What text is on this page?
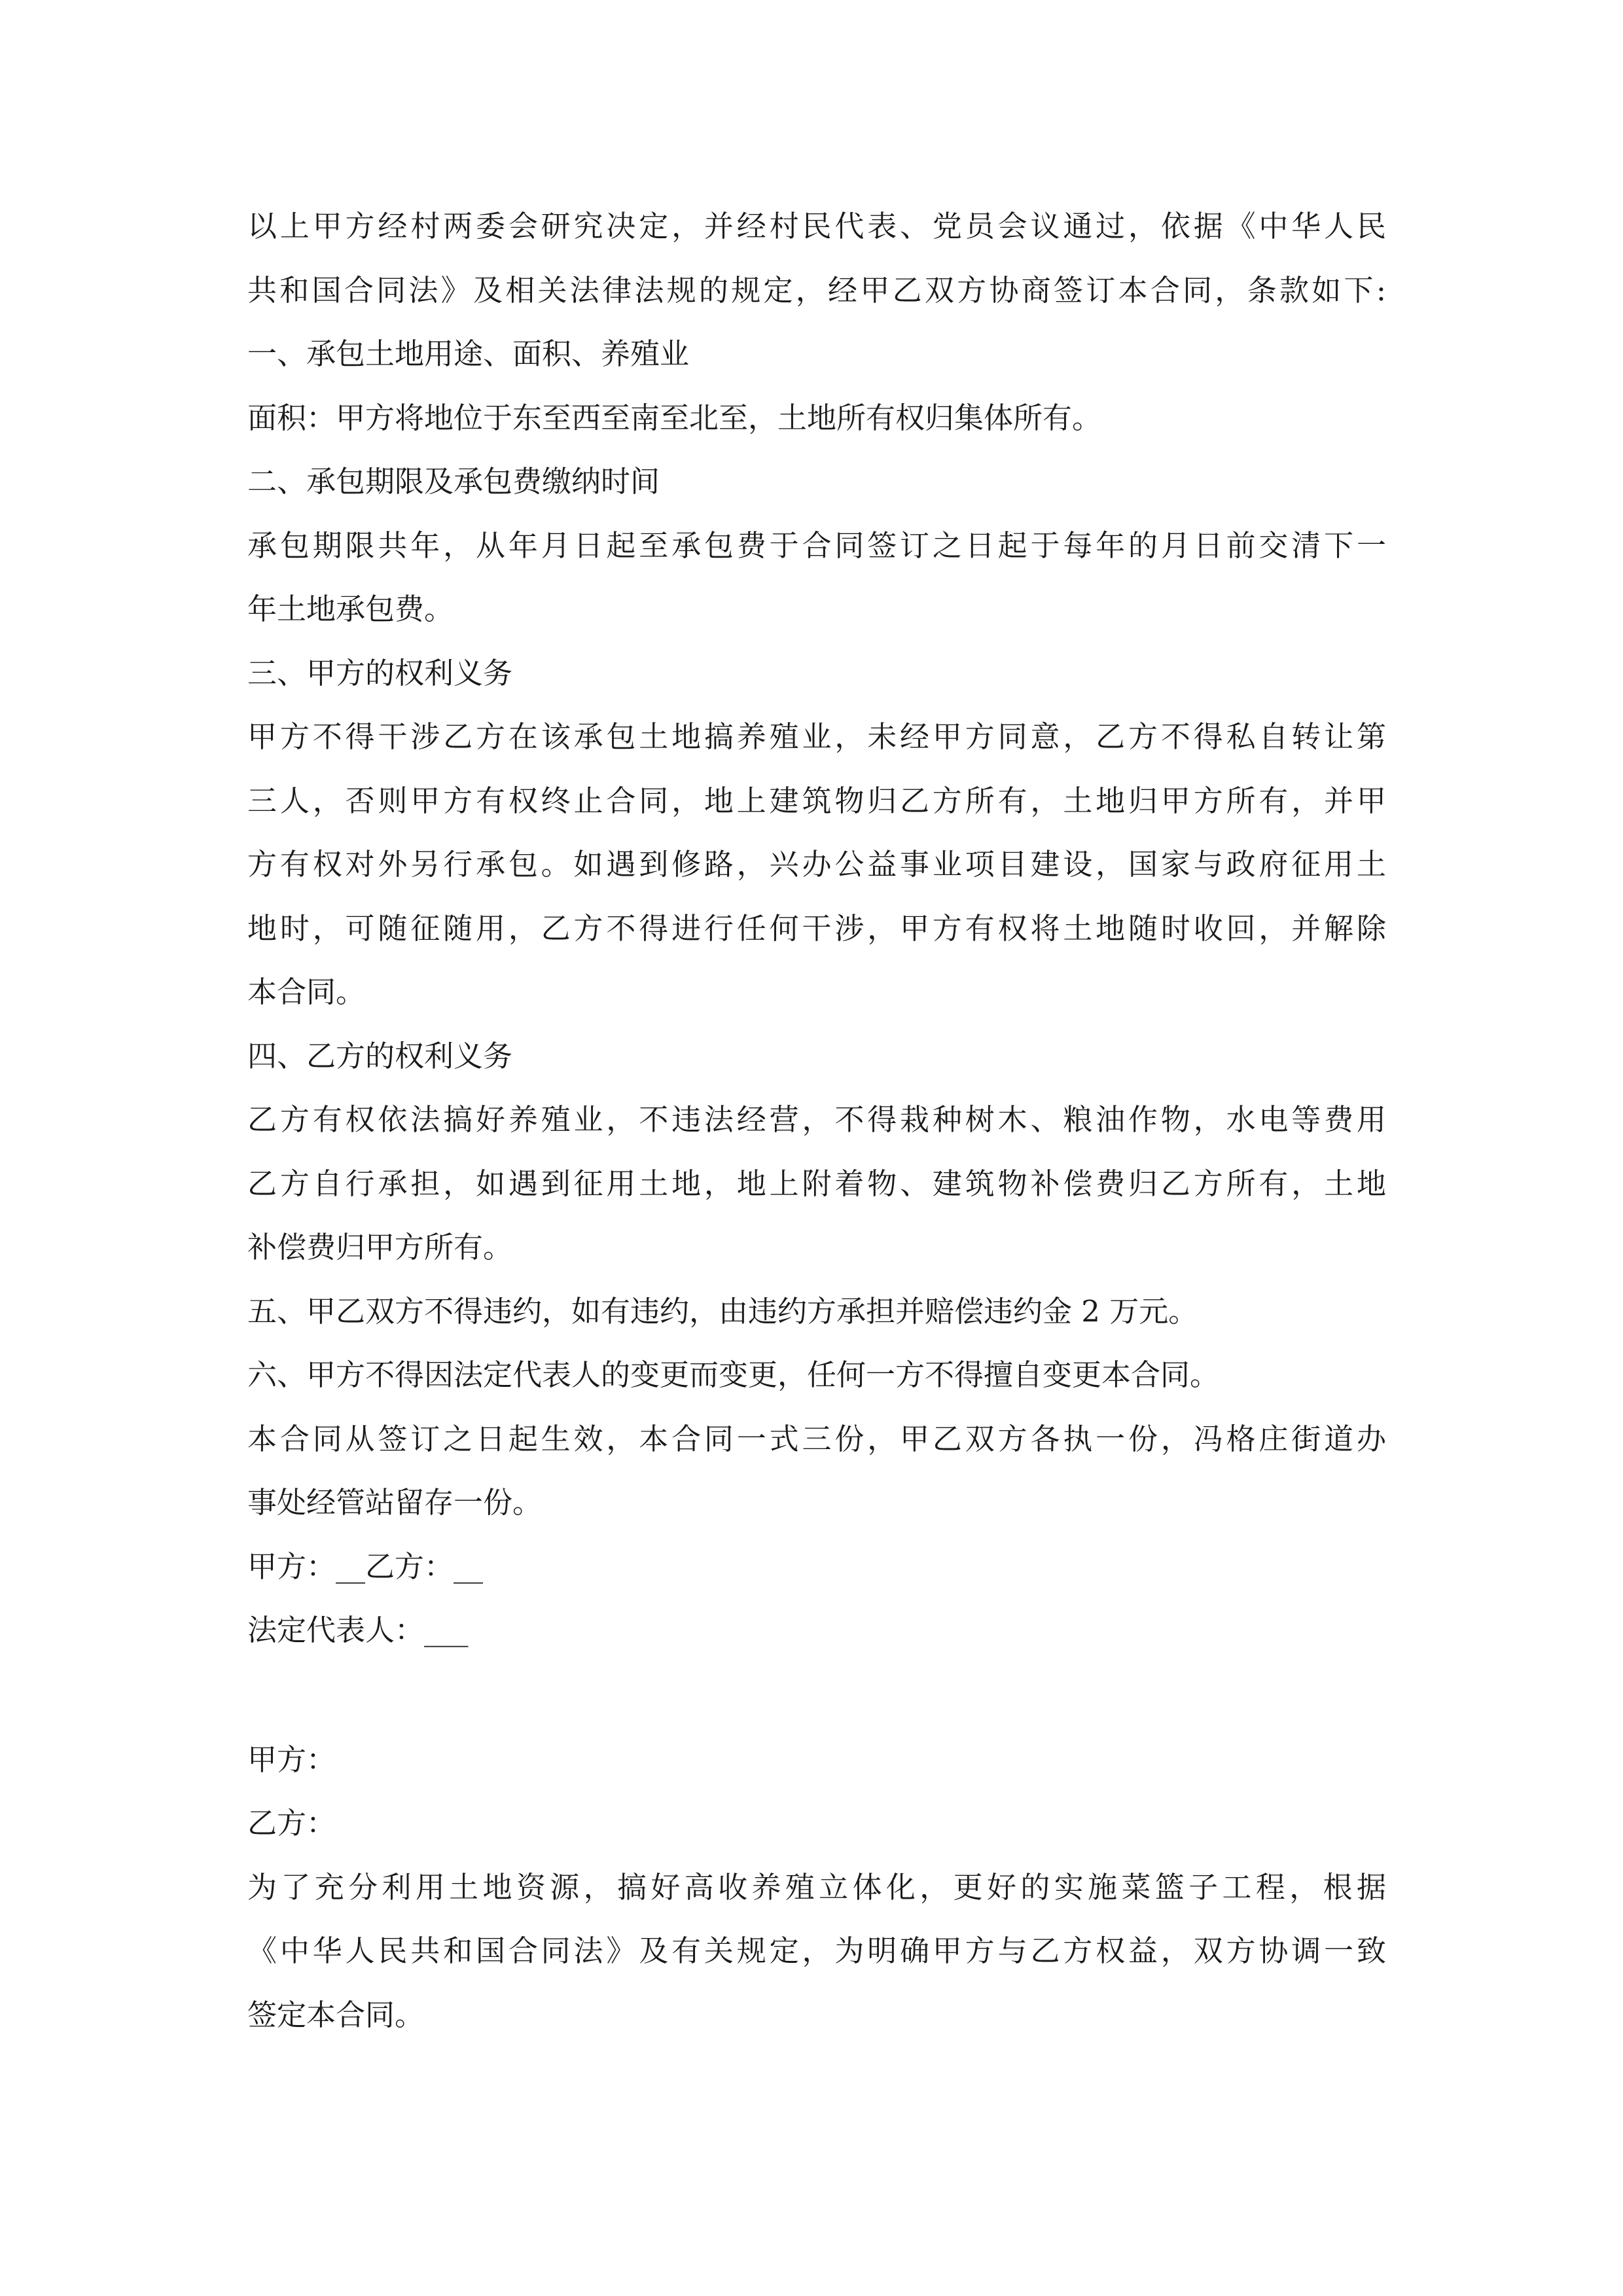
以上甲方经村两委会研究决定，并经村民代表、党员会议通过，依据《中华人民
共和国合同法》及相关法律法规的规定，经甲乙双方协商签订本合同，条款如下:
一、承包土地用途、面积、养殖业
面积：甲方将地位于东至西至南至北至，土地所有权归集体所有。
二、承包期限及承包费缴纳时间
承包期限共年，从年月日起至承包费于合同签订之日起于每年的月日前交清下一
年土地承包费。
三、甲方的权利义务
甲方不得干涉乙方在该承包土地搞养殖业，未经甲方同意，乙方不得私自转让第
三人，否则甲方有权终止合同，地上建筑物归乙方所有，土地归甲方所有，并甲
方有权对外另行承包。如遇到修路，兴办公益事业项目建设，国家与政府征用土
地时，可随征随用，乙方不得进行任何干涉，甲方有权将土地随时收回，并解除
本合同。
四、乙方的权利义务
乙方有权依法搞好养殖业，不违法经营，不得栽种树木、粮油作物，水电等费用
乙方自行承担，如遇到征用土地，地上附着物、建筑物补偿费归乙方所有，土地
补偿费归甲方所有。
五、甲乙双方不得违约，如有违约，由违约方承担并赔偿违约金 2 万元。
六、甲方不得因法定代表人的变更而变更，任何一方不得擅自变更本合同。
本合同从签订之日起生效，本合同一式三份，甲乙双方各执一份，冯格庄街道办
事处经管站留存一份。
甲方：__乙方：__
法定代表人：___
甲方：
乙方：
为了充分利用土地资源，搞好高收养殖立体化，更好的实施菜篮子工程，根据
《中华人民共和国合同法》及有关规定，为明确甲方与乙方权益，双方协调一致
签定本合同。
